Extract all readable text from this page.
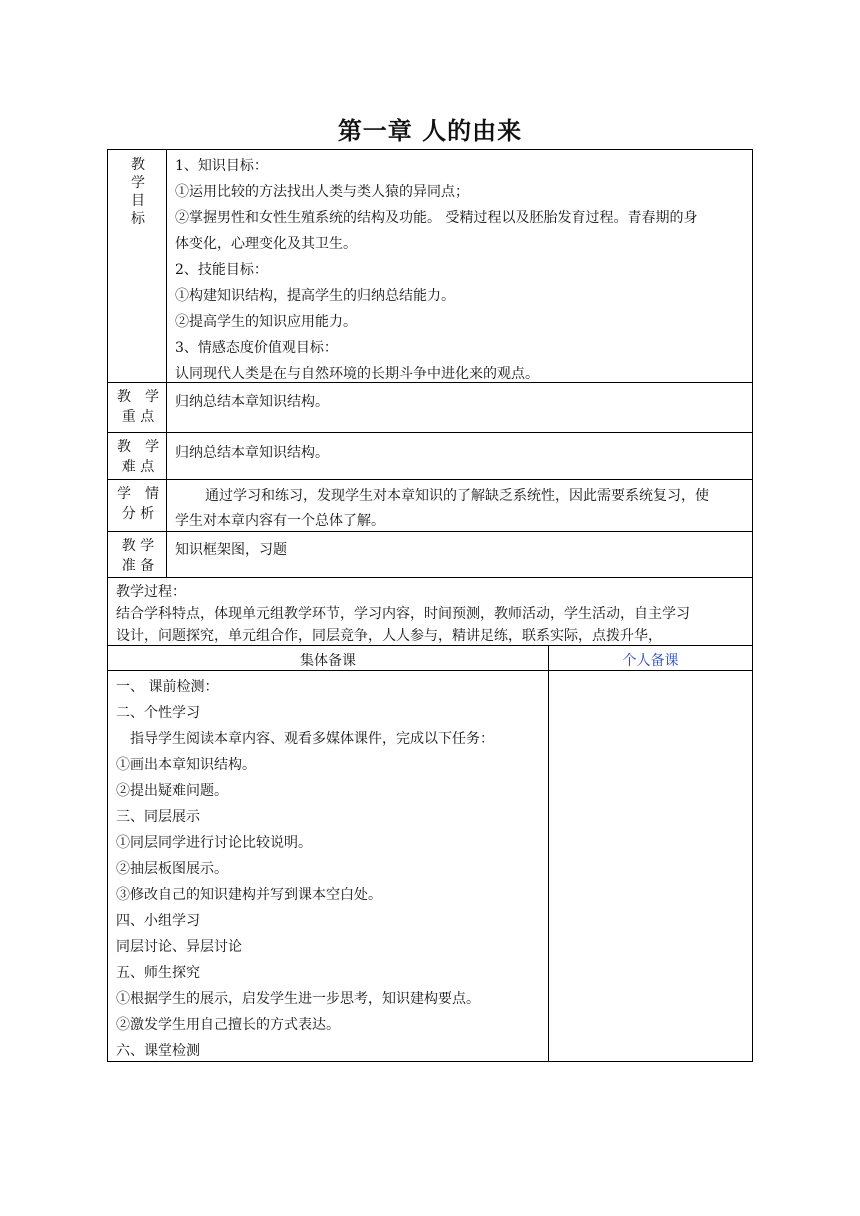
第一章 人的由来
教
学
目
标
1、知识目标：
①运用比较的方法找出人类与类人猿的异同点；
②掌握男性和女性生殖系统的结构及功能。 受精过程以及胚胎发育过程。青春期的身
体变化，心理变化及其卫生。
2、技能目标：
①构建知识结构，提高学生的归纳总结能力。
②提高学生的知识应用能力。
3、情感态度价值观目标：
认同现代人类是在与自然环境的长期斗争中进化来的观点。
教　学
重 点
归纳总结本章知识结构。
教　学
难 点
归纳总结本章知识结构。
学　情
分 析
通过学习和练习，发现学生对本章知识的了解缺乏系统性，因此需要系统复习，使
学生对本章内容有一个总体了解。
教 学
准 备
知识框架图，习题
教学过程：
结合学科特点，体现单元组教学环节，学习内容，时间预测，教师活动，学生活动，自主学习
设计，问题探究，单元组合作，同层竞争，人人参与，精讲足练，联系实际，点拨升华，
集体备课	个人备课
一、 课前检测：
二、个性学习
　指导学生阅读本章内容、观看多媒体课件，完成以下任务：
①画出本章知识结构。
②提出疑难问题。
三、同层展示
①同层同学进行讨论比较说明。
②抽层板图展示。
③修改自己的知识建构并写到课本空白处。
四、小组学习
同层讨论、异层讨论
五、师生探究
①根据学生的展示，启发学生进一步思考，知识建构要点。
②激发学生用自己擅长的方式表达。
六、课堂检测
